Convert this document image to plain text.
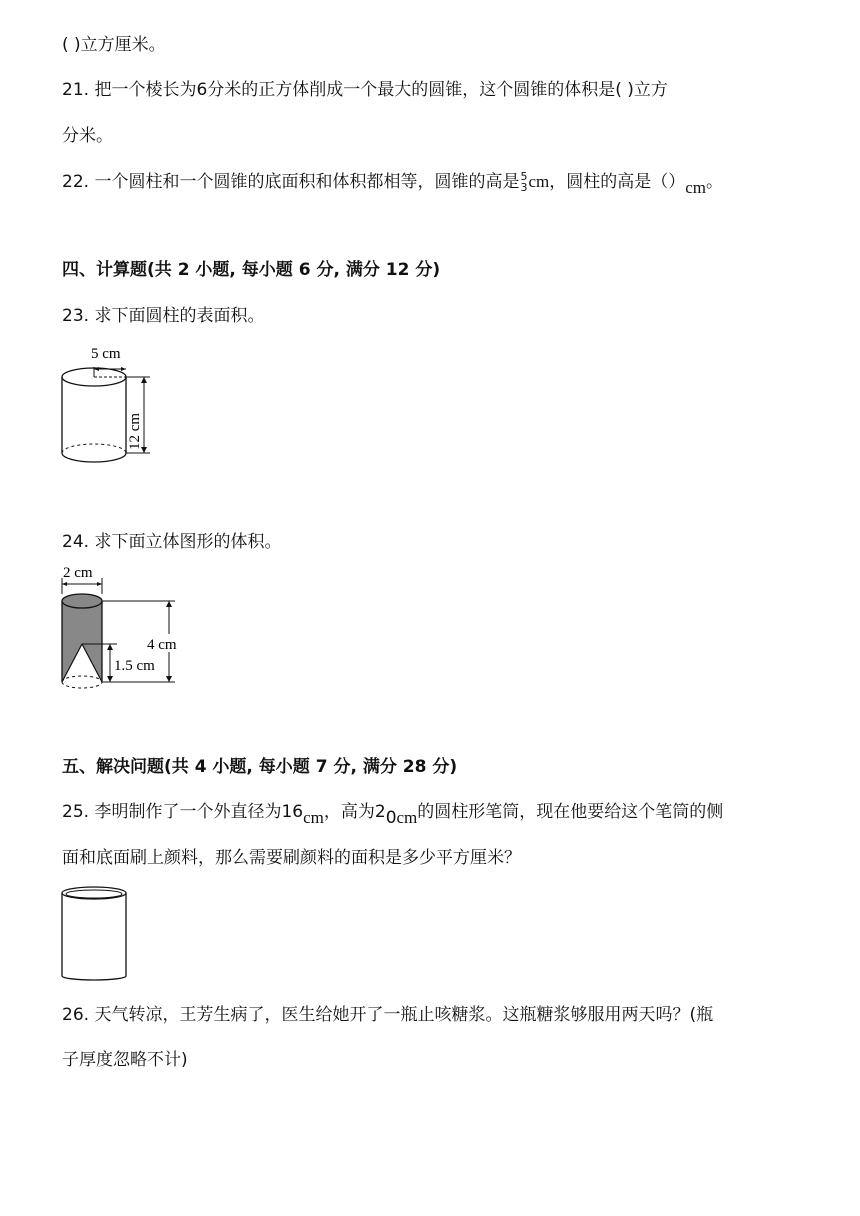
( )立方厘米。
21. 把一个棱长为6分米的正方体削成一个最大的圆锥，这个圆锥的体积是( )立方
分米。
22. 一个圆柱和一个圆锥的底面积和体积都相等，圆锥的高是 5
3 cm，圆柱的高是（）cm。
四、计算题(共 2 小题, 每小题 6 分, 满分 12 分)
23. 求下面圆柱的表面积。
5 cm
12 cm
24. 求下面立体图形的体积。
2 cm
4 cm
1.5 cm
五、解决问题(共 4 小题, 每小题 7 分, 满分 28 分)
25. 李明制作了一个外直径为16cm，高为20cm的圆柱形笔筒，现在他要给这个笔筒的侧
面和底面刷上颜料，那么需要刷颜料的面积是多少平方厘米？
26. 天气转凉，王芳生病了，医生给她开了一瓶止咳糖浆。这瓶糖浆够服用两天吗？(瓶
子厚度忽略不计)
